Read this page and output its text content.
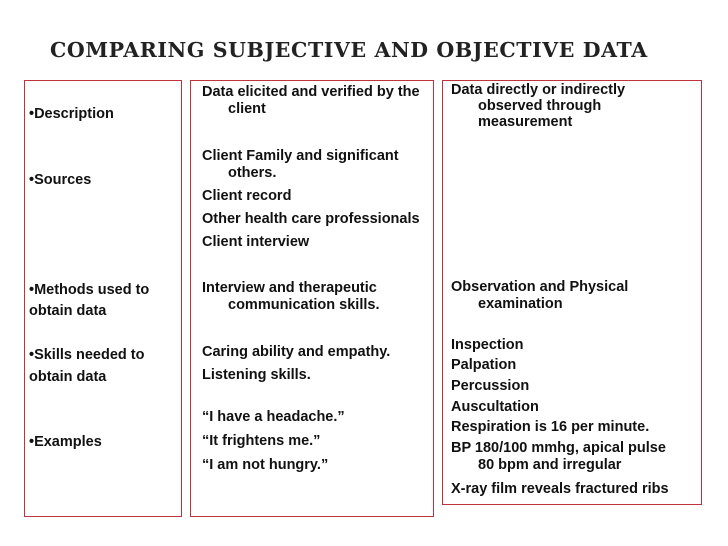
COMPARING SUBJECTIVE AND OBJECTIVE DATA
•Description
•Sources
•Methods used to
obtain data
•Skills needed to
obtain data
•Examples
Data elicited and verified by the
client
Client Family and significant
others.
Client record
Other health care professionals
Client interview
Interview and therapeutic
communication skills.
Caring ability and empathy.
Listening skills.
“I have a headache.”
“It frightens me.”
“I am not hungry.”
Data directly or indirectly
observed through
measurement
Observation and Physical
examination
Inspection
Palpation
Percussion
Auscultation
Respiration is 16 per minute.
BP 180/100 mmhg, apical pulse
80 bpm and irregular
X-ray film reveals fractured ribs
